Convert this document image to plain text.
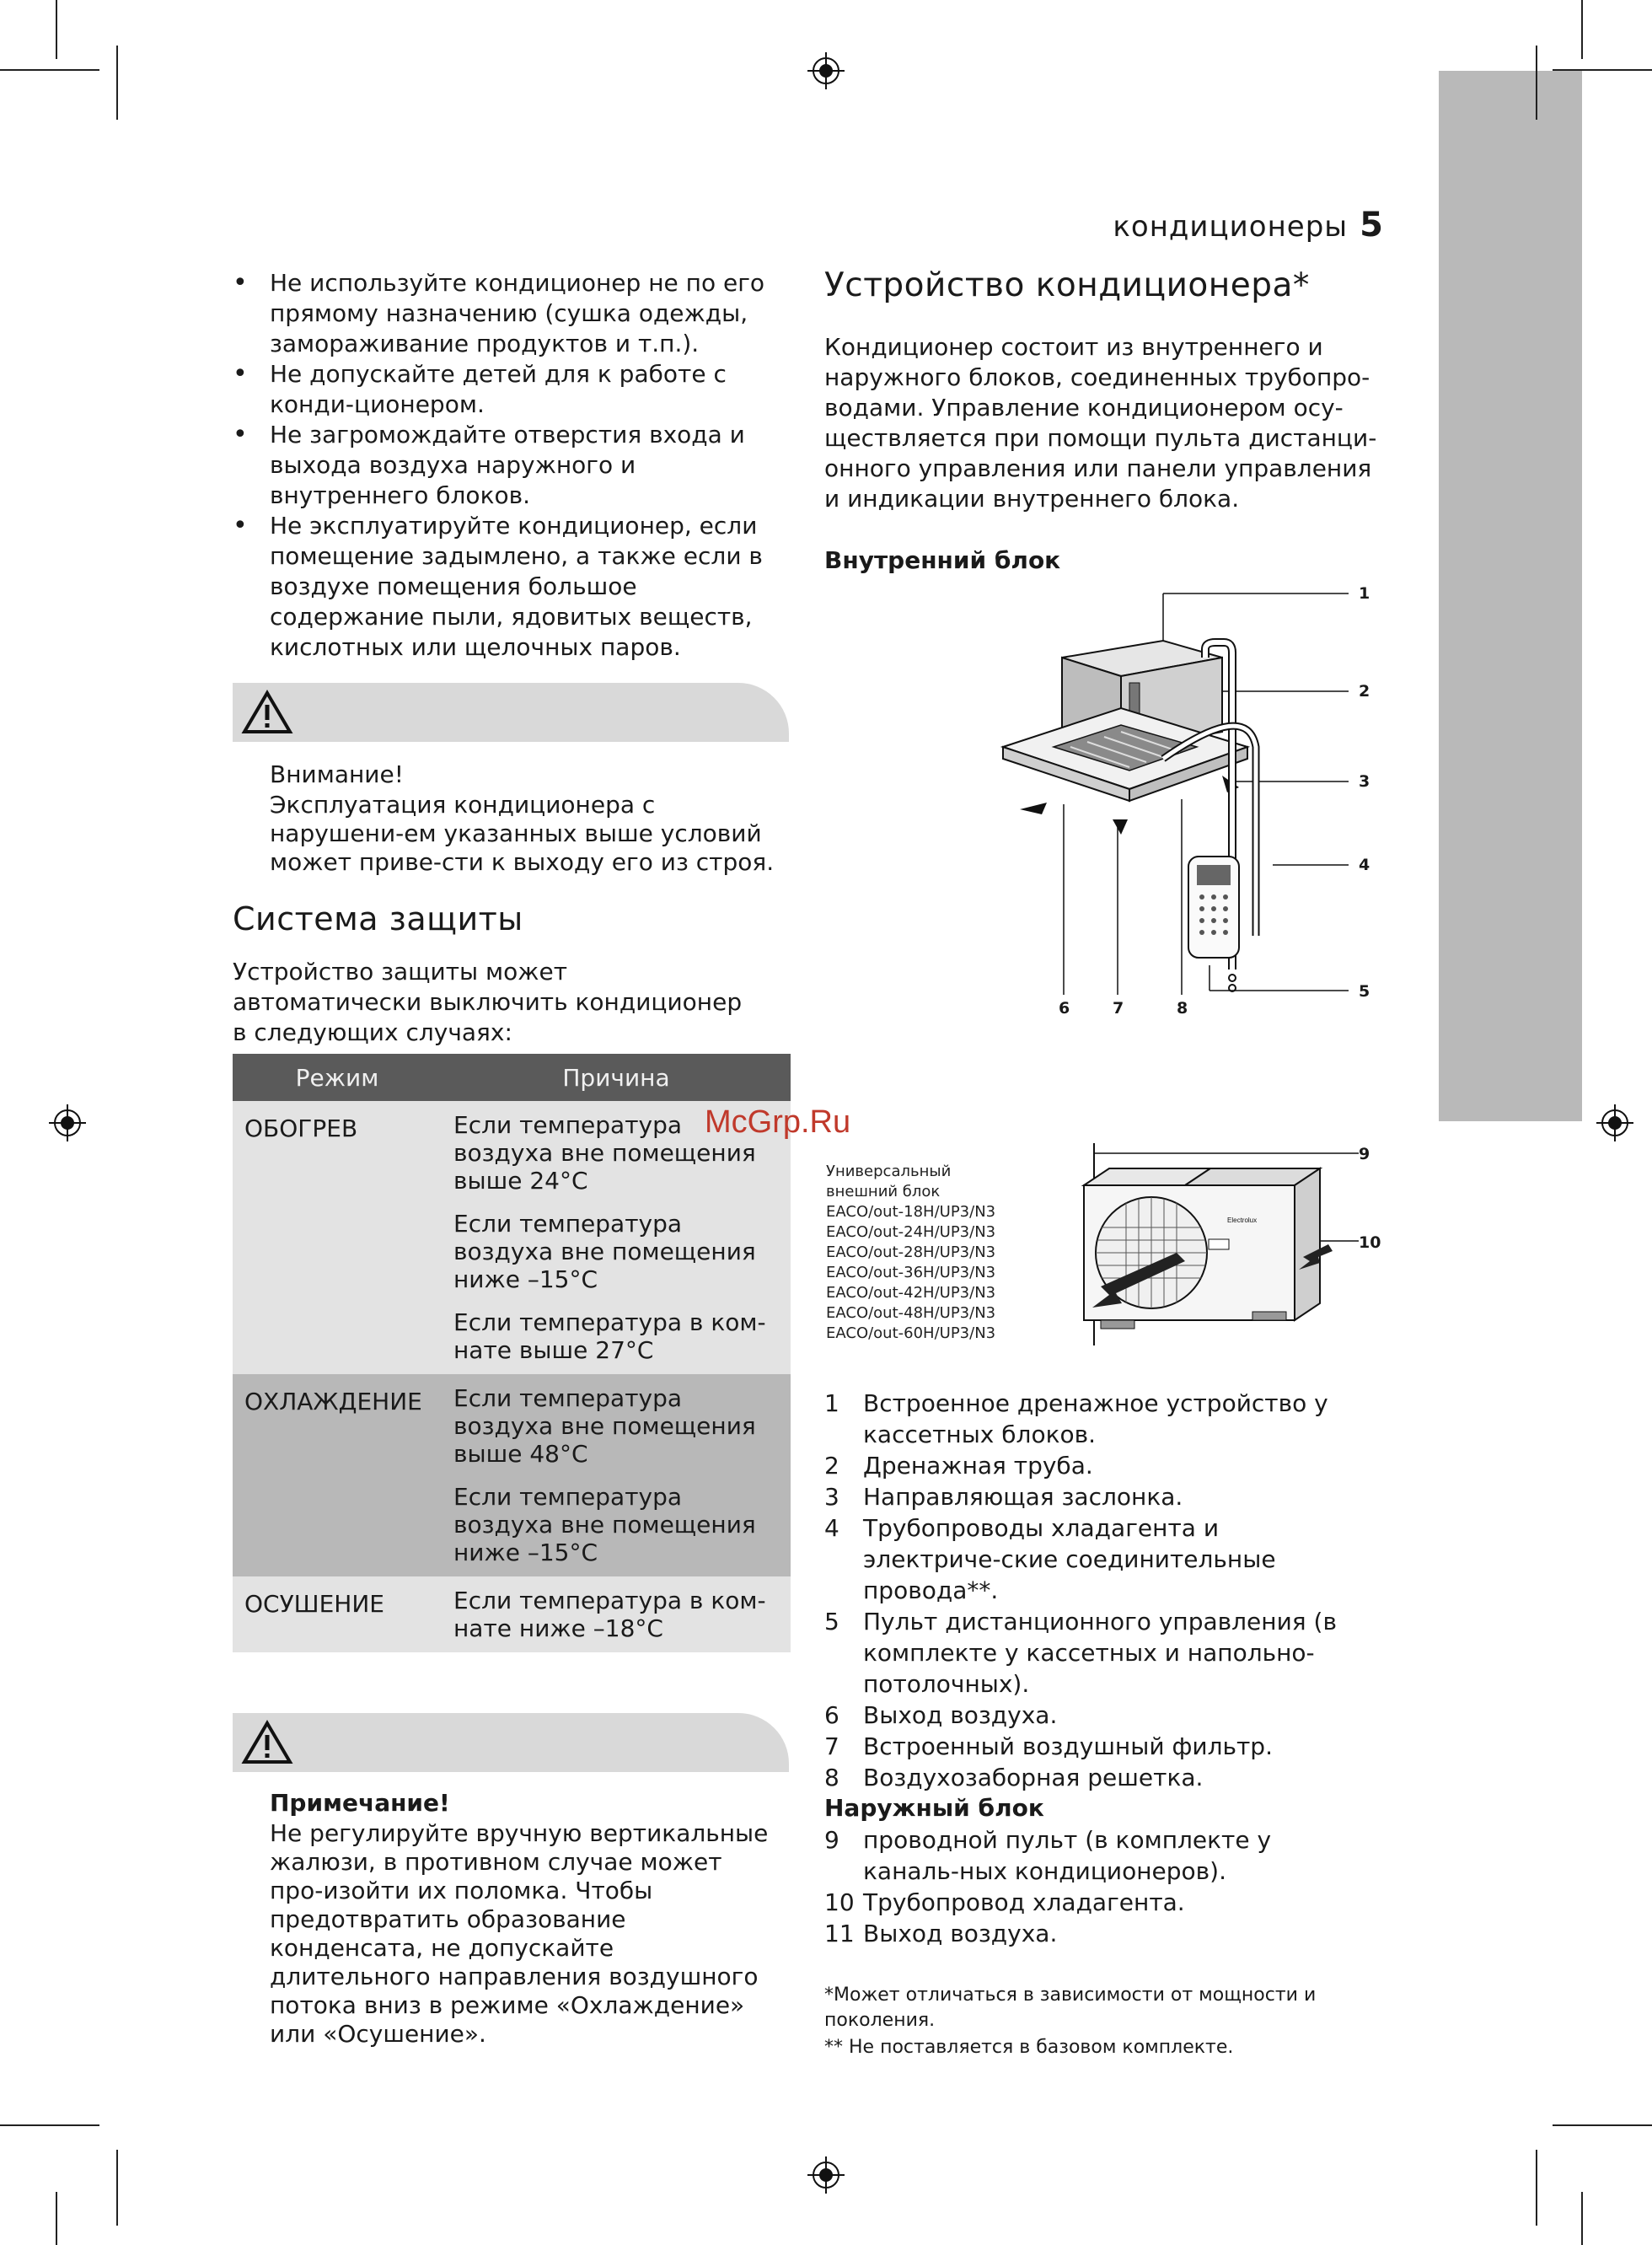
кондиционеры 5
• Не используйте кондиционер не по его прямому назначению (сушка одежды, замораживание продуктов и т.п.).
• Не допускайте детей для к работе с конди-ционером.
• Не загромождайте отверстия входа и выхода воздуха наружного и внутреннего блоков.
• Не эксплуатируйте кондиционер, если помещение задымлено, а также если в воздухе помещения большое содержание пыли, ядовитых веществ, кислотных или щелочных паров.
Внимание!
Эксплуатация кондиционера с нарушени-ем указанных выше условий может приве-сти к выходу его из строя.
Система защиты
Устройство защиты может автоматически выключить кондиционер в следующих случаях:
Режим	Причина
ОБОГРЕВ	Если температура воздуха вне помещения выше 24°C
Если температура воздуха вне помещения ниже –15°C
Если температура в ком-нате выше 27°C

ОХЛАЖДЕНИЕ	Если температура воздуха вне помещения выше 48°C
Если температура воздуха вне помещения ниже –15°C

ОСУШЕНИЕ	Если температура в ком-нате ниже –18°C
Примечание!
Не регулируйте вручную вертикальные жалюзи, в противном случае может про-изойти их поломка. Чтобы предотвратить образование конденсата, не допускайте длительного направления воздушного потока вниз в режиме «Охлаждение» или «Осушение».
Устройство кондиционера*
Кондиционер состоит из внутреннего и наружного блоков, соединенных трубопро-водами. Управление кондиционером осу-ществляется при помощи пульта дистанци-онного управления или панели управления и индикации внутреннего блока.
Внутренний блок
1
2
3
4
5
6	7	8
McGrp.Ru
Универсальный
внешний блок
EACO/out-18H/UP3/N3
EACO/out-24H/UP3/N3
EACO/out-28H/UP3/N3
EACO/out-36H/UP3/N3
EACO/out-42H/UP3/N3
EACO/out-48H/UP3/N3
EACO/out-60H/UP3/N3
Electrolux
9
10
1 Встроенное дренажное устройство у кассетных блоков.
2 Дренажная труба.
3 Направляющая заслонка.
4 Трубопроводы хладагента и электриче-ские соединительные провода**.
5 Пульт дистанционного управления (в комплекте у кассетных и напольно-потолочных).
6 Выход воздуха.
7 Встроенный воздушный фильтр.
8 Воздухозаборная решетка.
Наружный блок
9 проводной пульт (в комплекте у каналь-ных кондиционеров).
10 Трубопровод хладагента.
11 Выход воздуха.
*Может отличаться в зависимости от мощности и поколения.
** Не поставляется в базовом комплекте.
